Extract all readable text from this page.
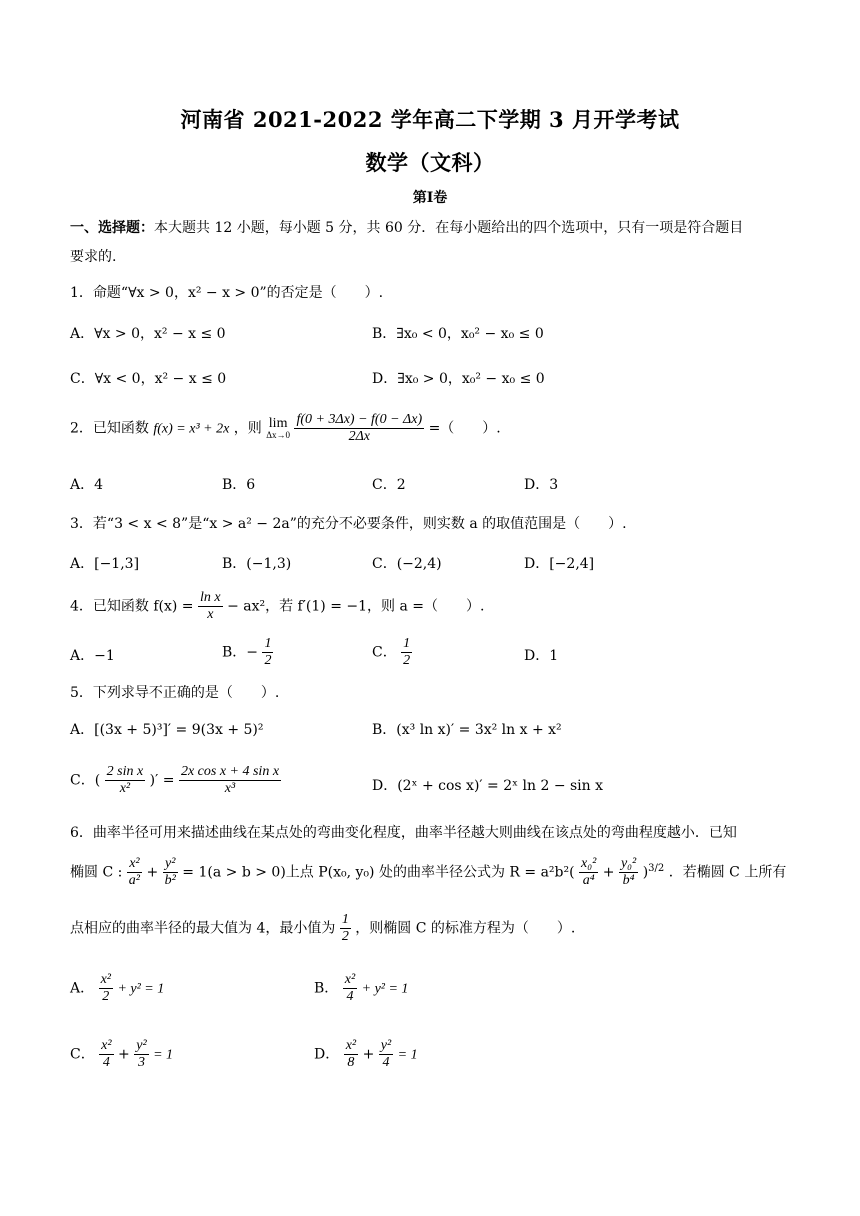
河南省 2021-2022 学年高二下学期 3 月开学考试
数学（文科）
第Ⅰ卷
一、选择题：本大题共 12 小题，每小题 5 分，共 60 分．在每小题给出的四个选项中，只有一项是符合题目
要求的.
1．命题“∀x > 0，x² − x > 0”的否定是（　　）.
A．∀x > 0，x² − x ≤ 0	B．∃x₀ < 0，x₀² − x₀ ≤ 0
C．∀x < 0，x² − x ≤ 0	D．∃x₀ > 0，x₀² − x₀ ≤ 0
2．已知函数 f(x) = x³ + 2x ，则 lim
Δx→0
$\frac{f(0 + 3\Delta x) - f(0 - \Delta x)}{2\Delta x}$ =（　　）.
A．4	B．6	C．2	D．3
3．若“3 < x < 8”是“x > a² − 2a”的充分不必要条件，则实数 a 的取值范围是（　　）.
A．[−1,3]	B．(−1,3)	C．(−2,4)	D．[−2,4]
4．已知函数 $f(x) = \frac{\text{ln x}}{x} - ax^2$，若 f′(1) = −1，则 a =（　　）.
A．−1	B．− $\frac{1}{2}$	C． $\frac{1}{2}$	D．1
5．下列求导不正确的是（　　）.
A．[(3x + 5)³]′ = 9(3x + 5)²	B．(x³ ln x)′ = 3x² ln x + x²
C．( $\frac{\text{2 sin x}}{\text{x²}}$ )′ = $\frac{\text{2x cos x + 4 sin x}}{\text{x³}}$	D．(2ˣ + cos x)′ = 2ˣ ln 2 − sin x
6．曲率半径可用来描述曲线在某点处的弯曲变化程度，曲率半径越大则曲线在该点处的弯曲程度越小．已知
椭圆 C : $\frac{\text{x²}}{\text{a²}} + \frac{\text{y²}}{\text{b²}} = 1(a > b > 0)$上点 P(x₀, y₀) 处的曲率半径公式为 $R = a^2b^2( \frac{\text{x₀²}}{\text{a⁴}} + \frac{\text{y₀²}}{\text{b⁴}} )^{3/2}$ ．若椭圆 C 上所有
点相应的曲率半径的最大值为 4，最小值为 $\frac{1}{2}$ ，则椭圆 C 的标准方程为（　　）.
A． $\frac{\text{x²}}{2} + y^2 = 1$	B． $\frac{\text{x²}}{4} + y^2 = 1$
C． $\frac{\text{x²}}{4} + \frac{\text{y²}}{3} = 1$	D． $\frac{\text{x²}}{8} + \frac{\text{y²}}{4} = 1$
